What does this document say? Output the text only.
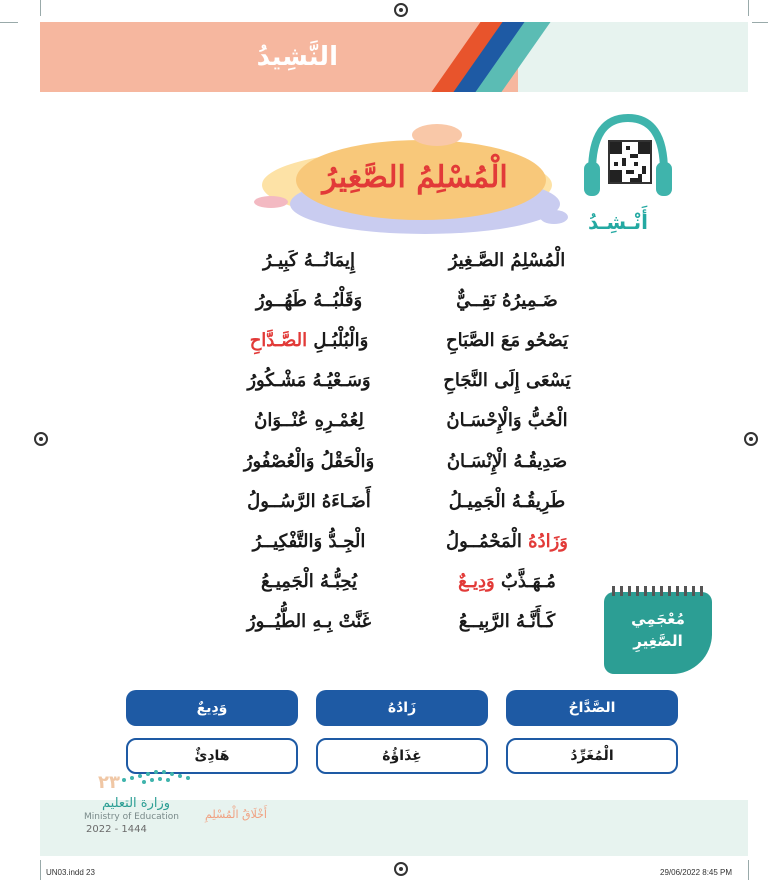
النَّشِيدُ
الْمُسْلِمُ الصَّغِيرُ
أَنْـشِـدُ
الْمُسْلِمُ الصَّـغِيرُ
إِيمَانُــهُ كَبِيـرُ
ضَـمِيرُهُ نَقِــيٌّ
وَقَلْبُــهُ طَهُــورُ
يَصْحُو مَعَ الصَّبَاحِ
وَالْبُلْبُـلِ الصَّـدَّاحِ
يَسْعَى إِلَى النَّجَاحِ
وَسَـعْيُـهُ مَشْـكُورُ
الْحُبُّ وَالْإِحْسَـانُ
لِعُمْـرِهِ عُنْــوَانُ
صَدِيقُـهُ الْإِنْسَـانُ
وَالْحَقْلُ وَالْعُصْفُورُ
طَرِيقُـهُ الْجَمِيـلُ
أَضَـاءَهُ الرَّسُــولُ
وَزَادُهُ الْمَحْمُــولُ
الْجِـدُّ وَالتَّفْكِيــرُ
مُـهَـذَّبٌ وَدِيـعٌ
يُحِبُّـهُ الْجَمِيـعُ
كَـأَنَّـهُ الرَّبِيــعُ
غَنَّتْ بِـهِ الطُّيُــورُ	مُعْجَمِي
الصَّغِيرِ
الصَّدَّاحُ
زَادُهُ
وَدِيعٌ
الْمُغَرِّدُ
غِذَاؤُهُ
هَادِئٌ
٢٣
وزارة التعليم
Ministry of Education
2022 - 1444
أَخْلَاقُ الْمُسْلِمِ
UN03.indd 23	29/06/2022 8:45 PM
